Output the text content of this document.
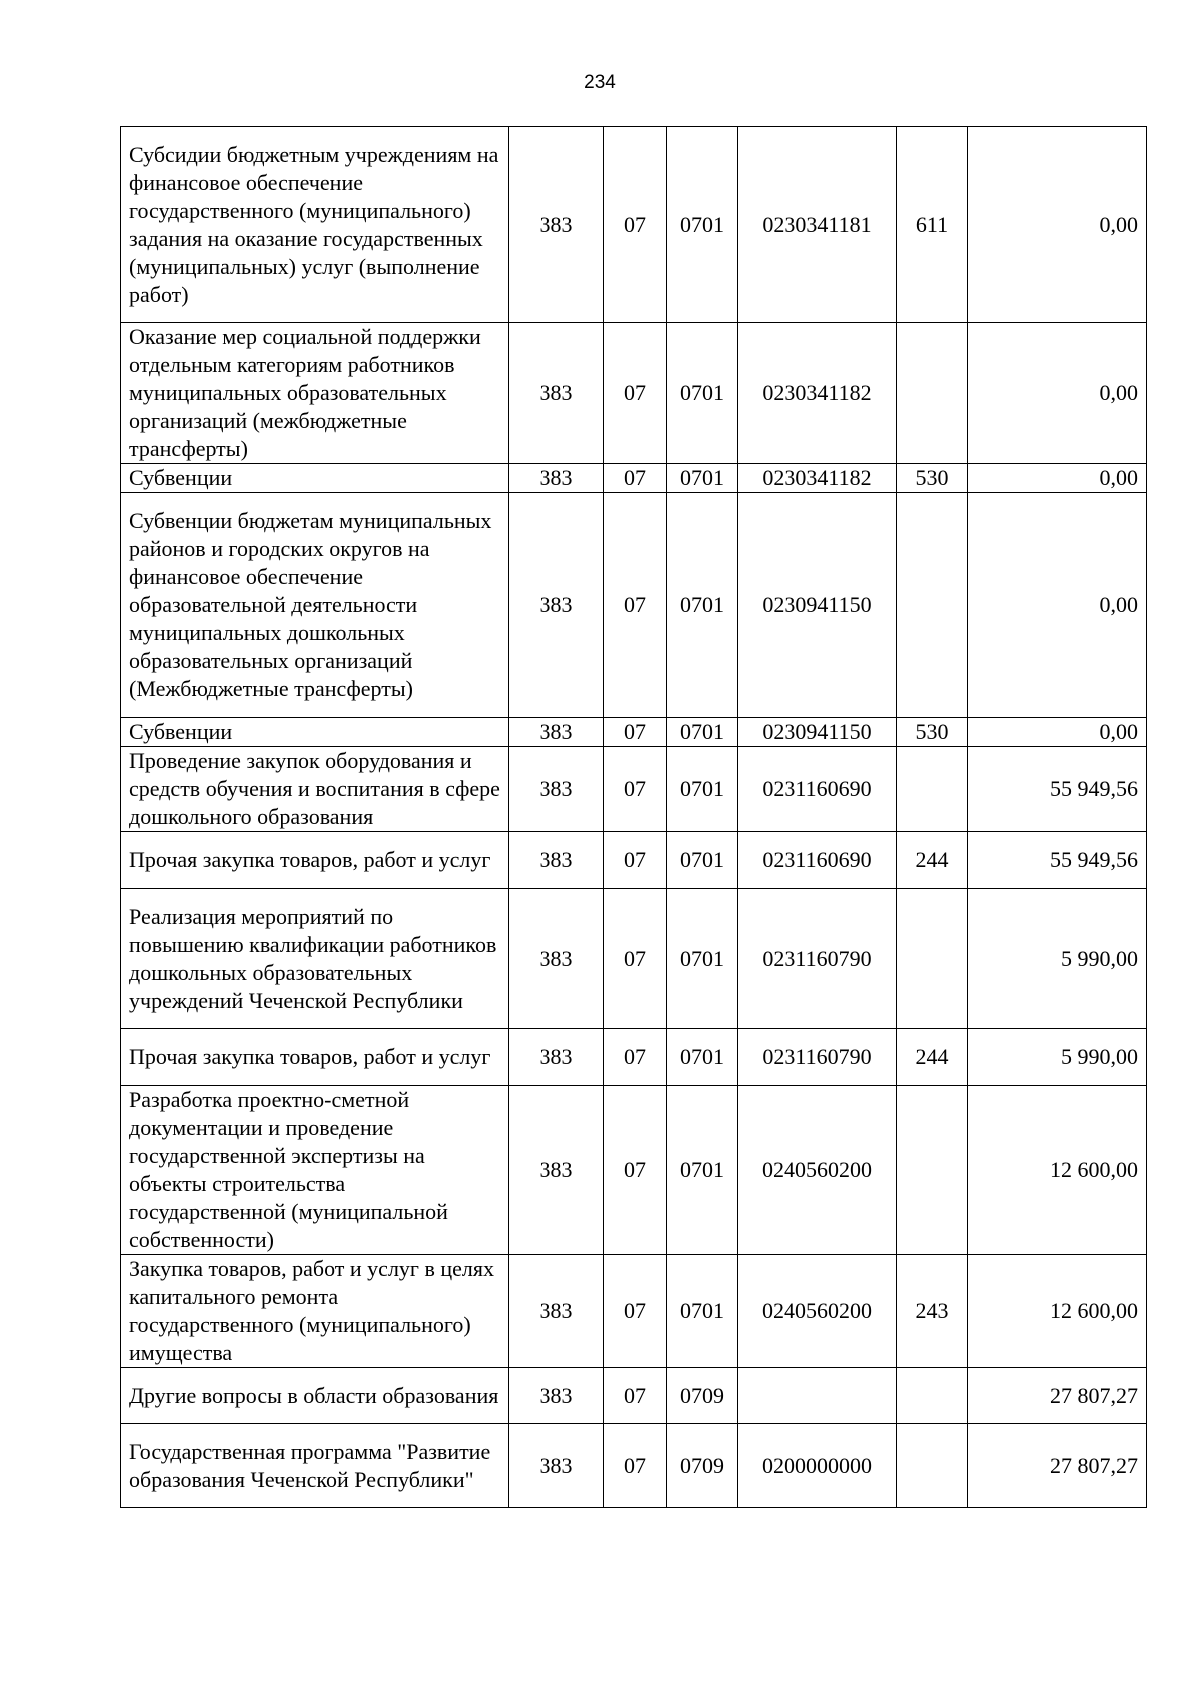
234
Субсидии бюджетным учреждениям на финансовое обеспечение государственного (муниципального) задания на оказание государственных (муниципальных) услуг (выполнение работ)	383	07	0701	0230341181	611	0,00
Оказание мер социальной поддержки отдельным категориям работников муниципальных образовательных организаций (межбюджетные трансферты)	383	07	0701	0230341182		0,00
Субвенции	383	07	0701	0230341182	530	0,00
Субвенции бюджетам муниципальных районов и городских округов на финансовое обеспечение образовательной деятельности муниципальных дошкольных образовательных организаций (Межбюджетные трансферты)	383	07	0701	0230941150		0,00
Субвенции	383	07	0701	0230941150	530	0,00
Проведение закупок оборудования и средств обучения и воспитания в сфере дошкольного образования	383	07	0701	0231160690		55 949,56
Прочая закупка товаров, работ и услуг	383	07	0701	0231160690	244	55 949,56
Реализация мероприятий по повышению квалификации работников дошкольных образовательных учреждений Чеченской Республики	383	07	0701	0231160790		5 990,00
Прочая закупка товаров, работ и услуг	383	07	0701	0231160790	244	5 990,00
Разработка проектно-сметной документации и проведение государственной экспертизы на объекты строительства государственной (муниципальной собственности)	383	07	0701	0240560200		12 600,00
Закупка товаров, работ и услуг в целях капитального ремонта государственного (муниципального) имущества	383	07	0701	0240560200	243	12 600,00
Другие вопросы в области образования	383	07	0709			27 807,27
Государственная программа "Развитие образования Чеченской Республики"	383	07	0709	0200000000		27 807,27
